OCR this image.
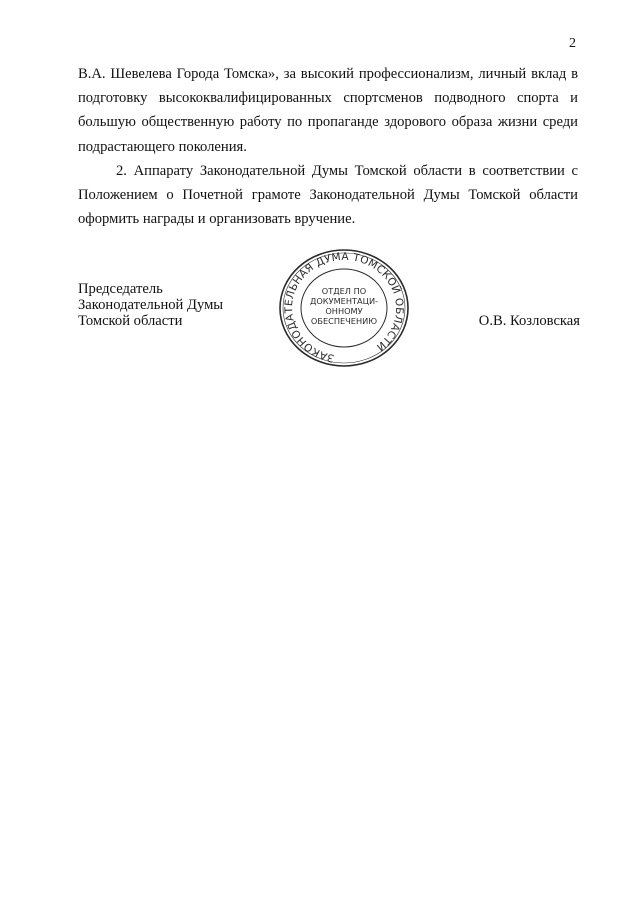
2

В.А. Шевелева Города Томска», за высокий профессионализм, личный вклад в подготовку высококвалифицированных спортсменов подводного спорта и большую общественную работу по пропаганде здорового образа жизни среди подрастающего поколения.

2. Аппарату Законодательной Думы Томской области в соответствии с Положением о Почетной грамоте Законодательной Думы Томской области оформить награды и организовать вручение.

Председатель
Законодательной Думы
Томской области	О.В. Козловская
ЗАКОНОДАТЕЛЬНАЯ ДУМА ТОМСКОЙ ОБЛАСТИ
ОТДЕЛ ПО
ДОКУМЕНТАЦИ-
ОННОМУ
ОБЕСПЕЧЕНИЮ
